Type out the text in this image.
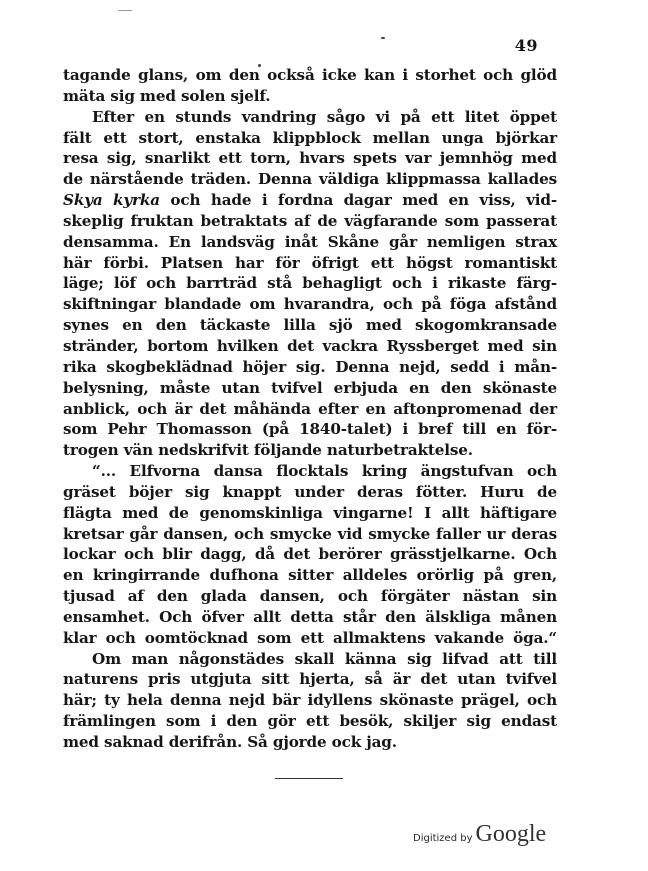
49
tagande glans, om den också icke kan i storhet och glöd
mäta sig med solen sjelf.
Efter en stunds vandring sågo vi på ett litet öppet
fält ett stort, enstaka klippblock mellan unga björkar
resa sig, snarlikt ett torn, hvars spets var jemnhög med
de närstående träden. Denna väldiga klippmassa kallades
Skya kyrka och hade i fordna dagar med en viss, vid-
skeplig fruktan betraktats af de vägfarande som passerat
densamma. En landsväg inåt Skåne går nemligen strax
här förbi. Platsen har för öfrigt ett högst romantiskt
läge; löf och barrträd stå behagligt och i rikaste färg-
skiftningar blandade om hvarandra, och på föga afstånd
synes en den täckaste lilla sjö med skogomkransade
stränder, bortom hvilken det vackra Ryssberget med sin
rika skogbeklädnad höjer sig. Denna nejd, sedd i mån-
belysning, måste utan tvifvel erbjuda en den skönaste
anblick, och är det måhända efter en aftonpromenad der
som Pehr Thomasson (på 1840-talet) i bref till en för-
trogen vän nedskrifvit följande naturbetraktelse.
“... Elfvorna dansa flocktals kring ängstufvan och
gräset böjer sig knappt under deras fötter. Huru de
flägta med de genomskinliga vingarne! I allt häftigare
kretsar går dansen, och smycke vid smycke faller ur deras
lockar och blir dagg, då det berörer grässtjelkarne. Och
en kringirrande dufhona sitter alldeles orörlig på gren,
tjusad af den glada dansen, och förgäter nästan sin
ensamhet. Och öfver allt detta står den älskliga månen
klar och oomtöcknad som ett allmaktens vakande öga.“
Om man någonstädes skall känna sig lifvad att till
naturens pris utgjuta sitt hjerta, så är det utan tvifvel
här; ty hela denna nejd bär idyllens skönaste prägel, och
främlingen som i den gör ett besök, skiljer sig endast
med saknad derifrån. Så gjorde ock jag.
Digitized by Google
